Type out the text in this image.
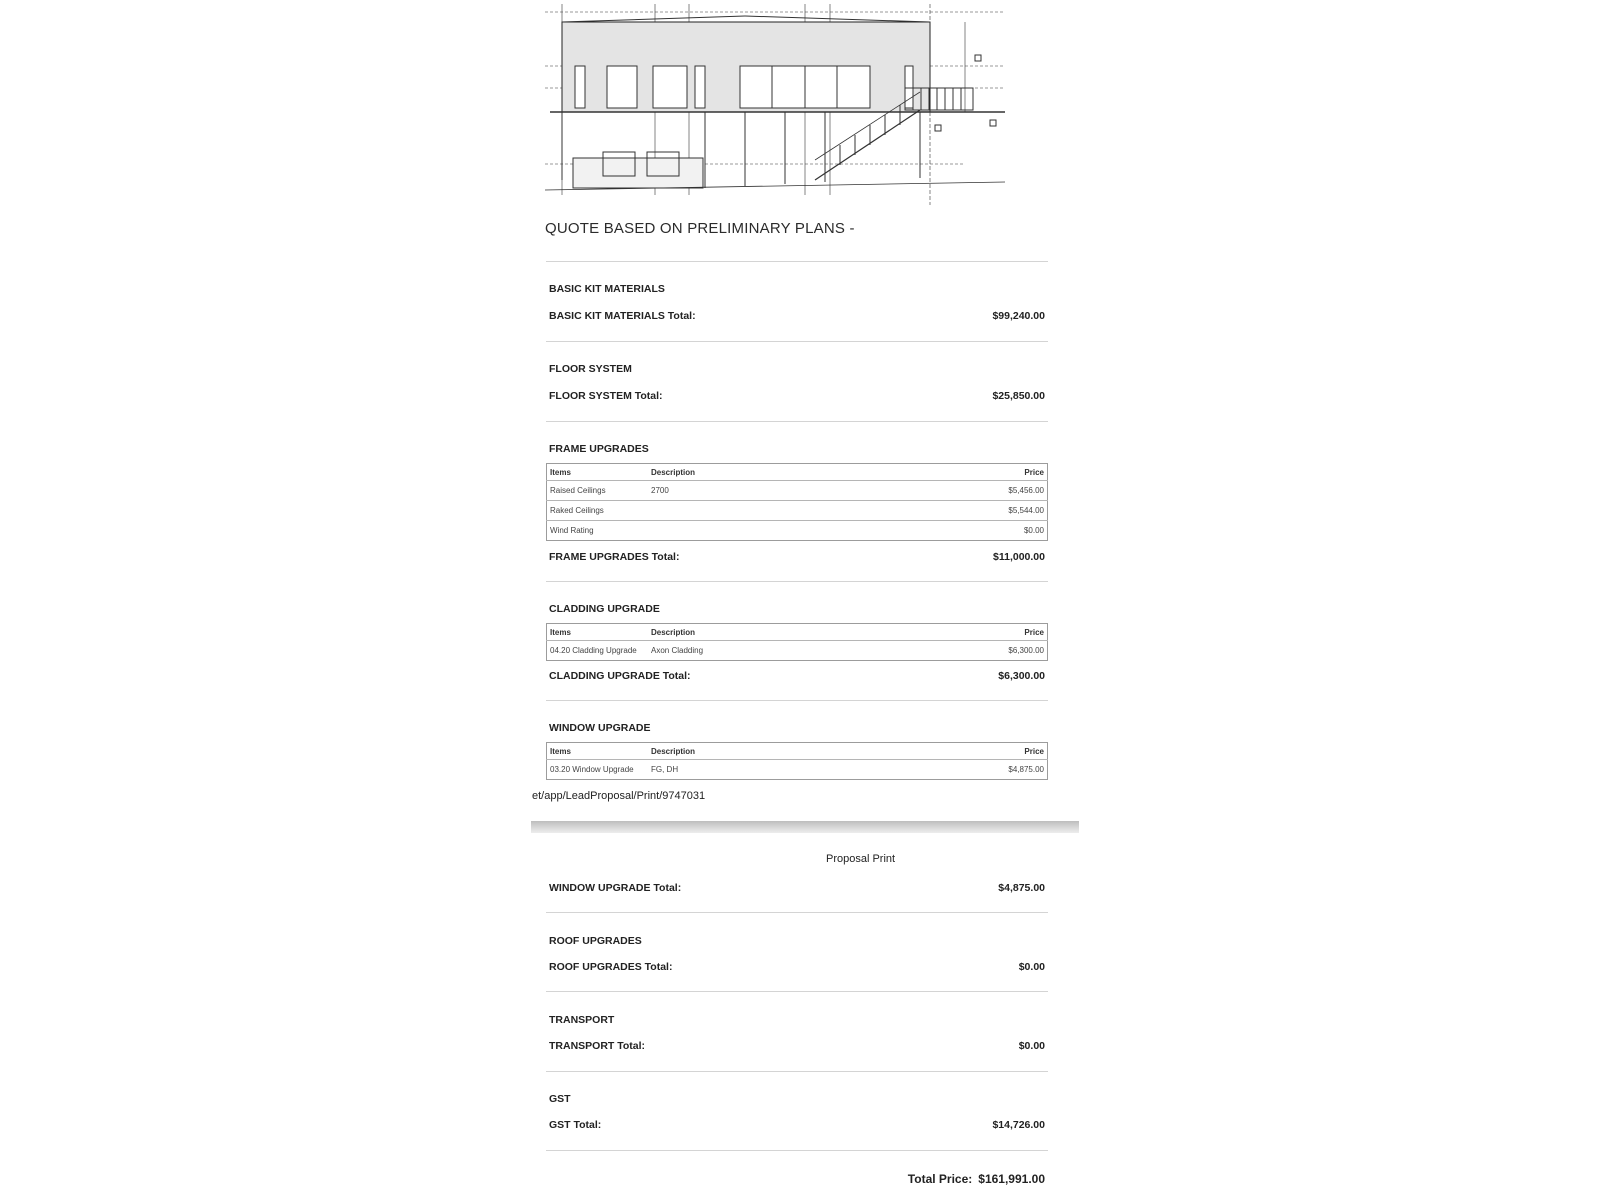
QUOTE BASED ON PRELIMINARY PLANS -
BASIC KIT MATERIALS
BASIC KIT MATERIALS Total:	$99,240.00
FLOOR SYSTEM
FLOOR SYSTEM Total:	$25,850.00
FRAME UPGRADES
Items	Description	Price
Raised Ceilings	2700	$5,456.00
Raked Ceilings		$5,544.00
Wind Rating		$0.00
FRAME UPGRADES Total:	$11,000.00
CLADDING UPGRADE
Items	Description	Price
04.20 Cladding Upgrade	Axon Cladding	$6,300.00
CLADDING UPGRADE Total:	$6,300.00
WINDOW UPGRADE
Items	Description	Price
03.20 Window Upgrade	FG, DH	$4,875.00
et/app/LeadProposal/Print/9747031
Proposal Print
WINDOW UPGRADE Total:	$4,875.00
ROOF UPGRADES
ROOF UPGRADES Total:	$0.00
TRANSPORT
TRANSPORT Total:	$0.00
GST
GST Total:	$14,726.00
Total Price: $161,991.00
